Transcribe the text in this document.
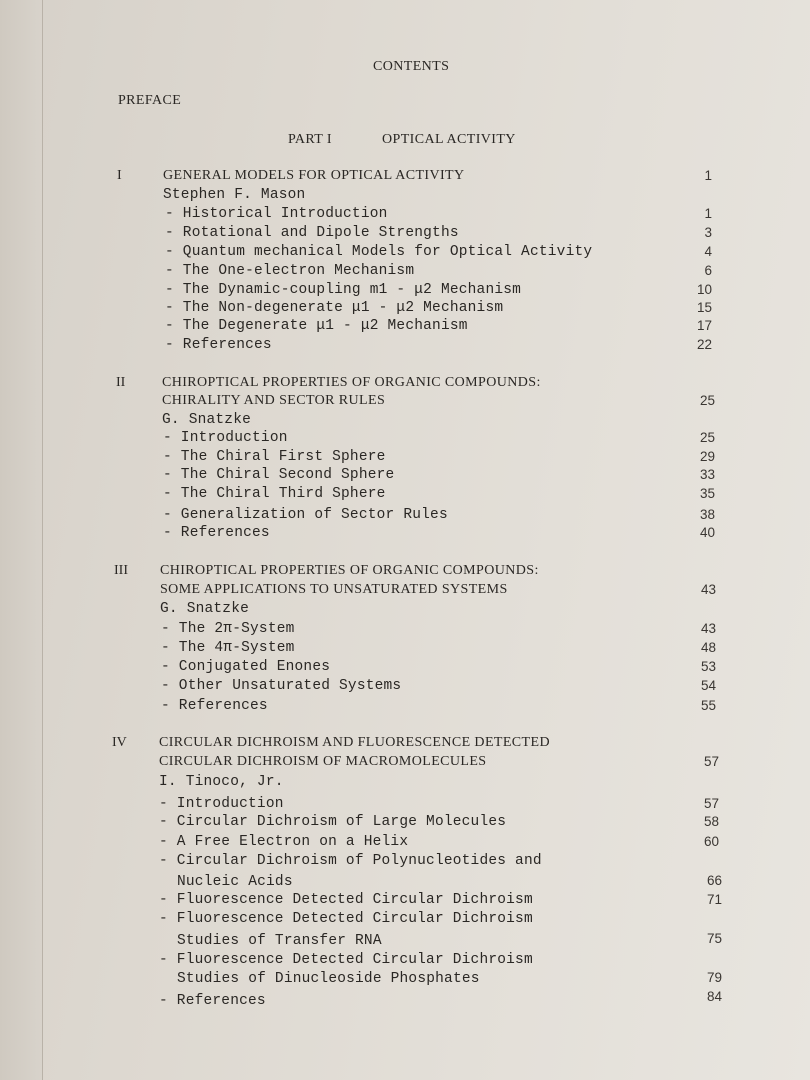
CONTENTS
PREFACE
PART I	OPTICAL ACTIVITY
I	GENERAL MODELS FOR OPTICAL ACTIVITY	1
Stephen F. Mason
- Historical Introduction	1
- Rotational and Dipole Strengths	3
- Quantum mechanical Models for Optical Activity	4
- The One-electron Mechanism	6
- The Dynamic-coupling m1 - μ2 Mechanism	10
- The Non-degenerate μ1 - μ2 Mechanism	15
- The Degenerate μ1 - μ2 Mechanism	17
- References	22
II	CHIROPTICAL PROPERTIES OF ORGANIC COMPOUNDS:
CHIRALITY AND SECTOR RULES	25
G. Snatzke
- Introduction	25
- The Chiral First Sphere	29
- The Chiral Second Sphere	33
- The Chiral Third Sphere	35
- Generalization of Sector Rules	38
- References	40
III CHIROPTICAL PROPERTIES OF ORGANIC COMPOUNDS:
SOME APPLICATIONS TO UNSATURATED SYSTEMS	43
G. Snatzke
- The 2π-System	43
- The 4π-System	48
- Conjugated Enones	53
- Other Unsaturated Systems	54
- References	55
IV CIRCULAR DICHROISM AND FLUORESCENCE DETECTED
CIRCULAR DICHROISM OF MACROMOLECULES	57
I. Tinoco, Jr.
- Introduction	57
- Circular Dichroism of Large Molecules	58
- A Free Electron on a Helix	60
- Circular Dichroism of Polynucleotides and
Nucleic Acids	66
- Fluorescence Detected Circular Dichroism	71
- Fluorescence Detected Circular Dichroism
Studies of Transfer RNA	75
- Fluorescence Detected Circular Dichroism
Studies of Dinucleoside Phosphates	79
- References	84
